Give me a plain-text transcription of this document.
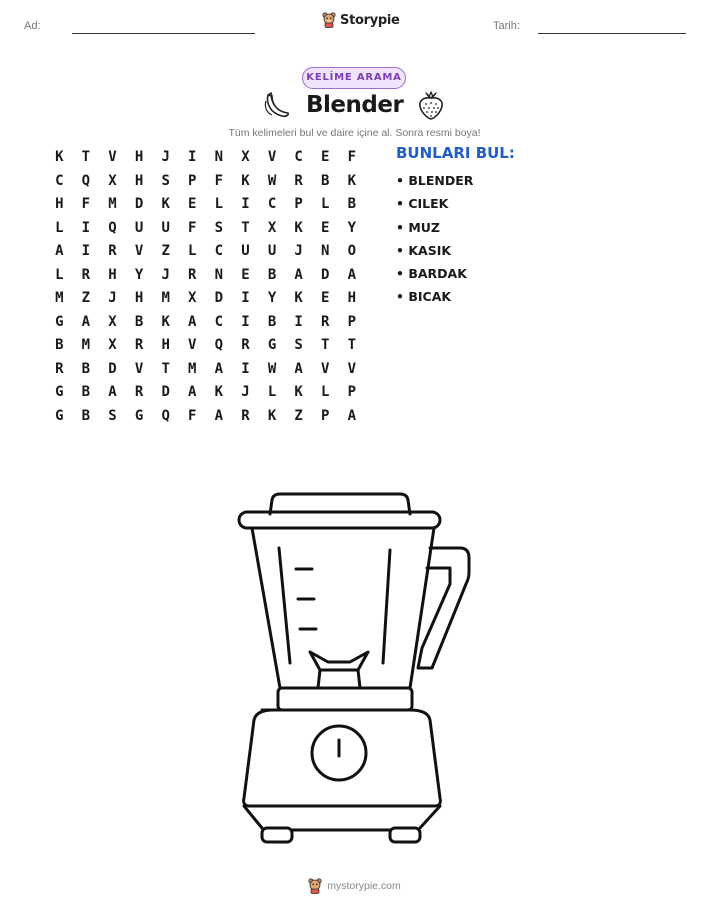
Ad:	Storypie	Tarih:
KELİME ARAMA
Blender
Tüm kelimeleri bul ve daire içine al. Sonra resmi boya!
K	T	V	H	J	I	N	X	V	C	E	F
C	Q	X	H	S	P	F	K	W	R	B	K
H	F	M	D	K	E	L	I	C	P	L	B
L	I	Q	U	U	F	S	T	X	K	E	Y
A	I	R	V	Z	L	C	U	U	J	N	O
L	R	H	Y	J	R	N	E	B	A	D	A
M	Z	J	H	M	X	D	I	Y	K	E	H
G	A	X	B	K	A	C	I	B	I	R	P
B	M	X	R	H	V	Q	R	G	S	T	T
R	B	D	V	T	M	A	I	W	A	V	V
G	B	A	R	D	A	K	J	L	K	L	P
G	B	S	G	Q	F	A	R	K	Z	P	A
BUNLARI BUL:
• BLENDER
• CILEK
• MUZ
• KASIK
• BARDAK
• BICAK
mystorypie.com
